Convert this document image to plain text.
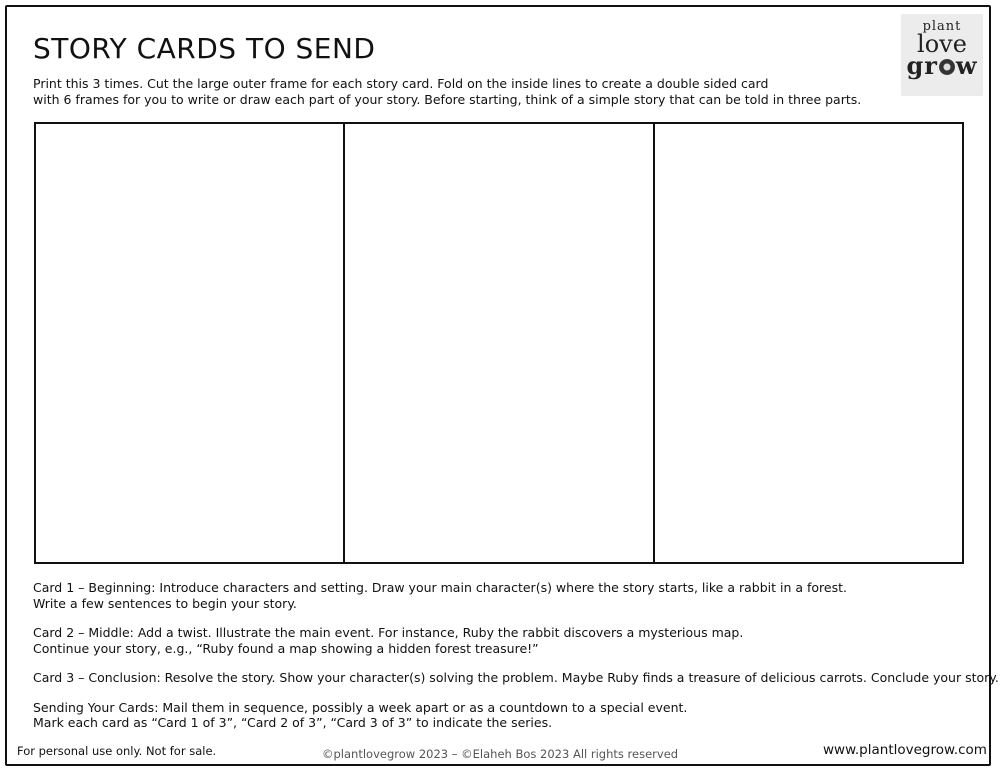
STORY CARDS TO SEND
Print this 3 times. Cut the large outer frame for each story card. Fold on the inside lines to create a double sided card
with 6 frames for you to write or draw each part of your story. Before starting, think of a simple story that can be told in three parts.
plant
love
gr w
Card 1 – Beginning: Introduce characters and setting. Draw your main character(s) where the story starts, like a rabbit in a forest.
Write a few sentences to begin your story.
Card 2 – Middle: Add a twist. Illustrate the main event. For instance, Ruby the rabbit discovers a mysterious map.
Continue your story, e.g., “Ruby found a map showing a hidden forest treasure!”
Card 3 – Conclusion: Resolve the story. Show your character(s) solving the problem. Maybe Ruby finds a treasure of delicious carrots. Conclude your story.
Sending Your Cards: Mail them in sequence, possibly a week apart or as a countdown to a special event.
Mark each card as “Card 1 of 3”, “Card 2 of 3”, “Card 3 of 3” to indicate the series.
For personal use only. Not for sale.	©plantlovegrow 2023 – ©Elaheh Bos 2023 All rights reserved	www.plantlovegrow.com
